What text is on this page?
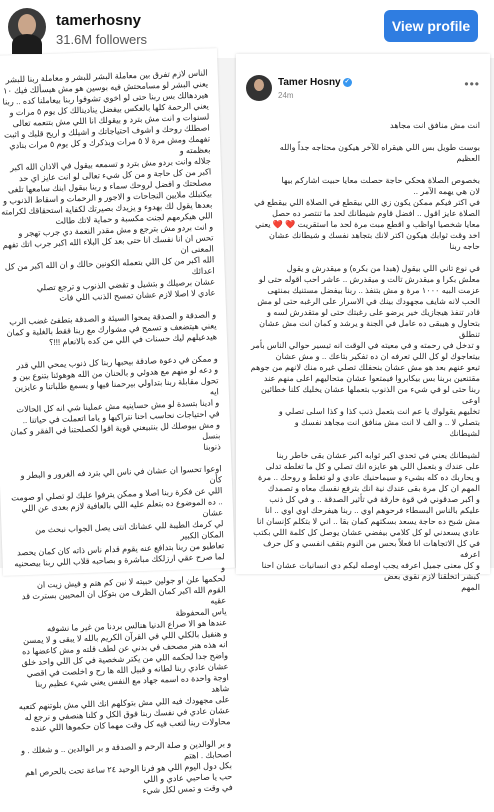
tamerhosny
31.6M followers
View profile

الناس لازم تفرق بين معاملة البشر للبشر و معاملة ربنا للبشر
يعني البشر لو مسامحتش فيه بوسين هو مش هيسألك فيك ١٠
هيردهالك بس ربنا حتى لو اخوي تشوفوا ربنا بيعاملنا كده .. ربنا
يعني الرحمة كلها بالعكس بيفضل ينادينالك كل يوم ٥ مرات و
لسنوات و انت مش بترد و بيقولك انا اللي مش بتنعمه تعالى
اصطلك روحك و اشوف احتياجاتك و اشيلك و اريح قلبك و اثبت
تفهمك ومش مرة لا ٥ مرات ويذكرك و كل يوم ٥ مرات بنادي بعظمته و
جلاله وانت بردو مش بترد و تسمعه بيقول في الاذان الله اكبر
اكبر من كل حاجة و من كل شيء تعالى لو انت عايز اي حد
مصلحتك و افضل لروحك سماء و ربنا بيقول ابنك سامعها تلغى
بيكتبلك ملايين النجاحات و الاجور و الرحمات و اسقاط الذنوب و
بعدها يقول لك بهدوء و يزيدك بصيرتك لكفاية استحقاقك لكرامته
اللي هيكرمهم لجنت مكسبة و حماية لاتك طالت
و انت بردو مش بترجع و مش مقدر النعمة دي جرب تهجر و
تحس ان انا نفسك انا حتى بعد كل البلاء الله اكبر جرب اتك تفهم المعنى ان
الله اكبر من كل اللي بتعمله الكونين حالك و ان الله اكبر من كل اعدائك
عشان برصيلك و بتشيل و تقضي الذنوب و ترجع تصلي
عادي لا اصلا لازم عشان تمسح الذنب اللي فات

و الصدقة و الصدقة يمحوا السيئة و الصدقة بتطفئ غضب الرب
يعني هيتضعف و تسمح في مشوارك مع ربنا فقط بالغلبة و كمان
هيدعيلهم ليك حسنات في اللي من كده بالانعام !!!؟

و ممكن في دعوة صادقة بيحبها ربنا كل ذنوب يمحي اللي قدر
و دعه لو منهم مع هدوئي و بالحنان من الله هوهوئنا بتنوع بين و
تحول مقابلة ربنا بتداولي بيرحمنا فيها و يسمع طلباتنا و عايزين ايه
و ادينا بتسدة لو مش حساينيه مش عملينا شي انه كل الحالات
في احتياجات نحاسب احنا نتراكيها و ياما اتعملت في حياتنا ..
و مش بيوصلك لل بنتبيعني قوية اقوا لكصلحتنا في الفقر و كمان بنسل
ذنوبنا

اوعوا تحسوا ان عشان في ناس الي بترد فه الغرور و البطر و كأن
اللي عن فكرة ربنا اصلا و ممكن يترفوا عليك لو تصلي او صومت
.. ده الموضوع ده بتعلم عليه اللي بالعافية لازم بعدى عن اللي عشان
لي كرمك الطيبة للي عشانك انتى يصل الجواب نبحث من المكان الكبير
تعاطيو من ربنا بتدافع عنه يقوم قدام ناس ذاته كان كمان يحصد
لما صرح عقي ارزلكك مباشرة و بصاحبه قلاب اللي ربنا بيصحنيه و
لحكمها علن او جولين حبيته لا نين كم هتم و فيش زيت ان
القوم الله اكبر كمان الظرف من بتوكل ان المحيين بسترت قد عقيه
ياس المحفوظة
عندها هو الا صراع الدنيا هنالس بردنا من غير ما نشوفه
و هنفيل بالكلي اللي في القرآن الكريم بالله لا يبقى و لا يمسن
انه هذه هنر مصحف في بدني عن لطف قلته و مش كاعضها ده
واضح جدا لحكمه اللي من يكتر شخصية في كل اللي واحد خلق
عشان عادي ربنا لطانه و قبيل الله ها رح و اخلصت في اقصي
اوجة واحدة ده اسمه جهاد مع النفس يعني شيء عظيم ربنا شاهد
على مجهودك فيه اللي مش بتوكلهم انك اللي مش بلوتنهم كتعبه
عشان عادي في نفسك ربنا فوق الكل و كلنا هنصفي و نرجع له
محاولات ربنا لتعب فيه كل وقت مهما كان حكموها اللي عنده

و بر الوالدين و صلة الرحم و الصدقة و بر الوالدين .. و شغلك . و اصحابك . اهتم
بكل دول اليوم اللي هو فرنا الوحيد ٢٤ ساعة تحت بالحرص اهم حب يا صاحبي عادي و اللي
في وقت و تمس لكل شيء

Tamer Hosny ✓

24m

•••

انت مش منافق انت مجاهد

بوست طويل بس اللي هيقراه للآخر هيكون محتاجه جداً والله
العظيم

بخصوص الصلاة هحكي حاجة حصلت معايا حبيت اشاركم بيها
لان هي يهمه الآمر ..
في اكتر فيكم ممكن يكون زي اللي بيقطع في الصلاة اللي بيقطع في
الصلاة عايز اقول .. افضل قاوم شيطانك لحد ما تنتصر ده حصل
معايا شخصيا اواظب و اقطع مبت مرة لحد ما استقريت ❤️ ❤️ يعني
اخد وقت ثوابك هيكون اكتر لانك بتجاهد نفسك و شيطانك عشان
حاجه ربنا

في نوع تاني اللي بيقول (هبدا من بكره) و ميقدرش و يقول
معلش بكرا و ميقدرش تالت و ميقدرش .. عاشر احب اقوله حتى لو
عزمت البيه ١٠٠٠ مرة و مش بتنفذ .. ربنا بيفضل مستنيك بمنتهى
الحب لانه شايف مجهودك بينك في الاسرار على الرغبه حتى لو مش
قادر تنفذ هيجازيك خير يرضو على رغبتك حتى لو متقدرش لسه و
بتحاول و هيبقى ده عامل في الجنة و يرشد و كمان انت مش عشان تنطلق
و تدخل في رحمته و في معيته في الوقت انه تيسير حوالي الناس بأمر
بيتعاجوك لو كل اللي تعرفه ان ده تفكير بتاعك .. و مش عشان
تيعو عنهم بعد هو مش عشان بنحفلك تصلي غيره منك لانهم من جوهم
مقتنعين بربنا بس بيكابروا فيمتعوا عشان متحاليهم اعلى منهم عند
ربنا حتى لو في شيء من الذنوب بتعملها عشان يخليك كلنا خطائين اوعى
تخليهم يقولوك يا عم انت بتعمل ذنب كذا و كذا اسلى تصلي و
بتصلي لا .. و الف لا انت مش منافق انت مجاهد نفسك و
لشيطانك

لشيطانك يعني في تحدي اكبر ثوابه اكبر عشان بقى خاطر ربنا
على عندك و بتعمل اللي هو عايزه انك تصلي و كل ما تغلطه تدلى
و يحاربك ده كله بشيء و سيماحنيك عادي و لو تغلط و روحك .. مرة
المهم ان كل مرة بقى عندك نية انك بترفع نفسك معاه و تصمدك
و اكبر صدقوني في قوة خارقة في تأثير الصدقة .. و في كل ذنب
عليكم بالناس البسطاء فرحوهم اوي .. ربنا هيفرحك اوي اوي .. انا
مش شبح ده حاجة يسعد بسكتهم كمان بقا .. اني لا بتكلم كإنسان انا
عادي يسعدني لو كل كلامي بيفضي عشان يوصل كل كلمة اللي بكتب
في كل الاتجاهات انا فعلاً بحس من النوم بتقف انفسي و كل حرف اعرفه
و كل معنى جميل اعرفه يجب اوصله ليكم دي انسانيات عشان احنا
كبشر اتخلقنا لازم نقوي بعض
المهم
